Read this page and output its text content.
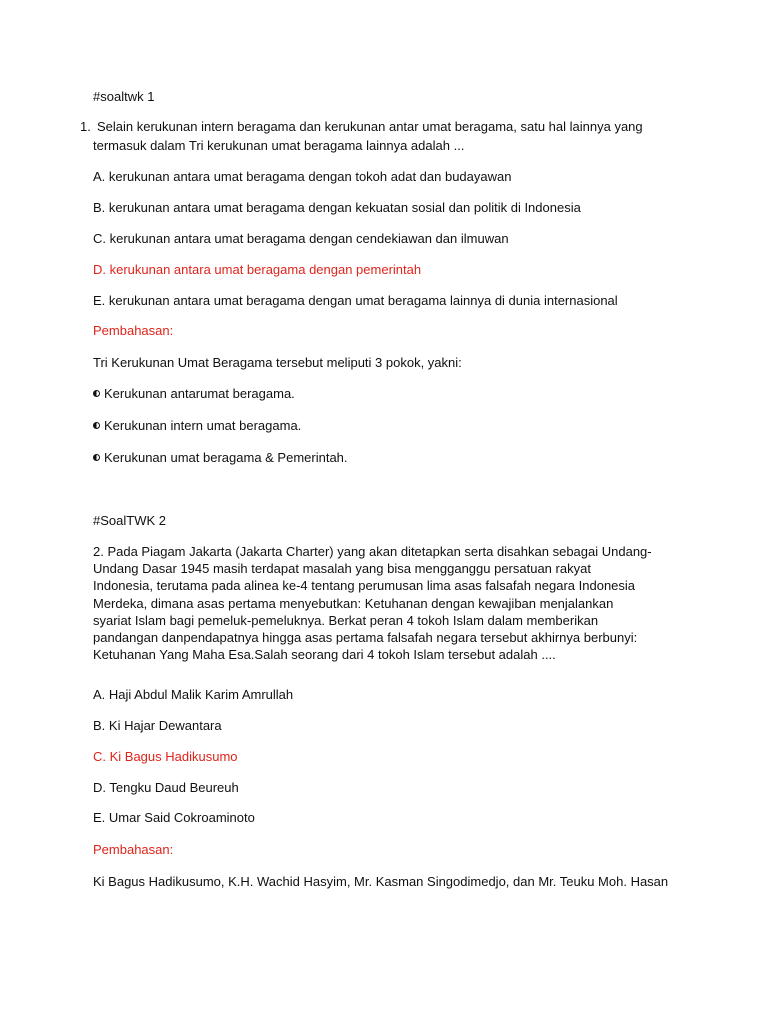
#soaltwk 1
1. Selain kerukunan intern beragama dan kerukunan antar umat beragama, satu hal lainnya yang
termasuk dalam Tri kerukunan umat beragama lainnya adalah ...
A. kerukunan antara umat beragama dengan tokoh adat dan budayawan
B. kerukunan antara umat beragama dengan kekuatan sosial dan politik di Indonesia
C. kerukunan antara umat beragama dengan cendekiawan dan ilmuwan
D. kerukunan antara umat beragama dengan pemerintah
E. kerukunan antara umat beragama dengan umat beragama lainnya di dunia internasional
Pembahasan:
Tri Kerukunan Umat Beragama tersebut meliputi 3 pokok, yakni:
Kerukunan antarumat beragama.
Kerukunan intern umat beragama.
Kerukunan umat beragama & Pemerintah.
#SoalTWK 2
2. Pada Piagam Jakarta (Jakarta Charter) yang akan ditetapkan serta disahkan sebagai Undang-Undang Dasar 1945 masih terdapat masalah yang bisa mengganggu persatuan rakyat Indonesia, terutama pada alinea ke-4 tentang perumusan lima asas falsafah negara Indonesia Merdeka, dimana asas pertama menyebutkan: Ketuhanan dengan kewajiban menjalankan syariat Islam bagi pemeluk-pemeluknya. Berkat peran 4 tokoh Islam dalam memberikan pandangan danpendapatnya hingga asas pertama falsafah negara tersebut akhirnya berbunyi: Ketuhanan Yang Maha Esa.Salah seorang dari 4 tokoh Islam tersebut adalah ....
A. Haji Abdul Malik Karim Amrullah
B. Ki Hajar Dewantara
C. Ki Bagus Hadikusumo
D. Tengku Daud Beureuh
E. Umar Said Cokroaminoto
Pembahasan:
Ki Bagus Hadikusumo, K.H. Wachid Hasyim, Mr. Kasman Singodimedjo, dan Mr. Teuku Moh. Hasan
